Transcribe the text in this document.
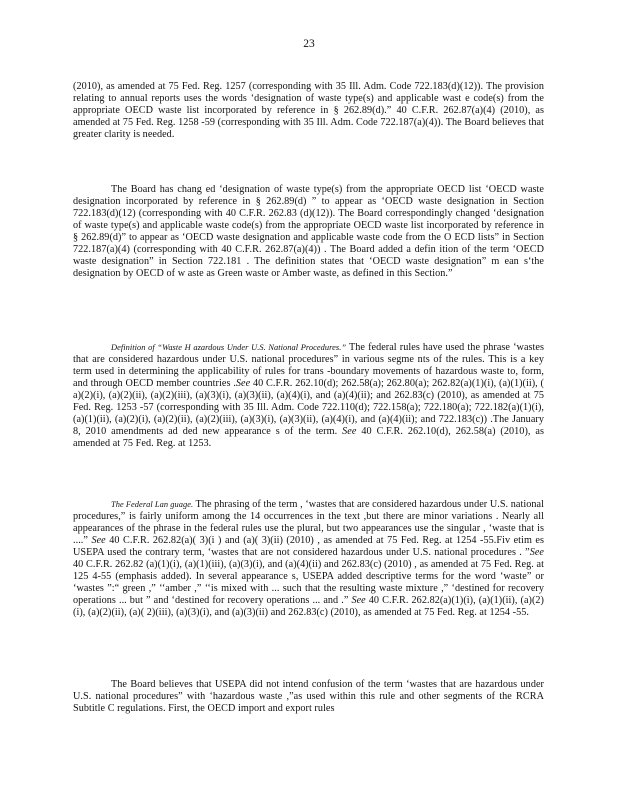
23

(2010), as amended at 75 Fed. Reg. 1257 (corresponding with 35 Ill. Adm. Code 722.183(d)(12)). The provision relating to annual reports uses the words ‘designation of waste type(s) and applicable wast e code(s) from the appropriate OECD waste list incorporated by reference in § 262.89(d).” 40 C.F.R. 262.87(a)(4) (2010), as amended at 75 Fed. Reg. 1258 -59 (corresponding with 35 Ill. Adm. Code 722.187(a)(4)). The Board believes that greater clarity is needed.

The Board has chang ed ‘designation of waste type(s) from the appropriate OECD list ‘OECD waste designation incorporated by reference in § 262.89(d) ” to appear as ‘OECD waste designation in Section 722.183(d)(12) (corresponding with 40 C.F.R. 262.83 (d)(12)). The Board correspondingly changed ‘designation of waste type(s) and applicable waste code(s) from the appropriate OECD waste list incorporated by reference in § 262.89(d)” to appear as ‘OECD waste designation and applicable waste code from the O ECD lists” in Section 722.187(a)(4) (corresponding with 40 C.F.R. 262.87(a)(4)) . The Board added a defin ition of the term ‘OECD waste designation” in Section 722.181 . The definition states that ‘OECD waste designation” m ean s‘the designation by OECD of w aste as Green waste or Amber waste, as defined in this Section.”

Definition of “Waste H azardous Under U.S. National Procedures.” The federal rules have used the phrase ‘wastes that are considered hazardous under U.S. national procedures” in various segme nts of the rules. This is a key term used in determining the applicability of rules for trans -boundary movements of hazardous waste to, form, and through OECD member countries .See 40 C.F.R. 262.10(d); 262.58(a); 262.80(a); 262.82(a)(1)(i), (a)(1)(ii), ( a)(2)(i), (a)(2)(ii), (a)(2)(iii), (a)(3)(i), (a)(3)(ii), (a)(4)(i), and (a)(4)(ii); and 262.83(c) (2010), as amended at 75 Fed. Reg. 1253 -57 (corresponding with 35 Ill. Adm. Code 722.110(d); 722.158(a); 722.180(a); 722.182(a)(1)(i), (a)(1)(ii), (a)(2)(i), (a)(2)(ii), (a)(2)(iii), (a)(3)(i), (a)(3)(ii), (a)(4)(i), and (a)(4)(ii); and 722.183(c)) .The January 8, 2010 amendments ad ded new appearance s of the term. See 40 C.F.R. 262.10(d), 262.58(a) (2010), as amended at 75 Fed. Reg. at 1253.

The Federal Lan guage. The phrasing of the term , ‘wastes that are considered hazardous under U.S. national procedures,” is fairly uniform among the 14 occurrences in the text ,but there are minor variations . Nearly all appearances of the phrase in the federal rules use the plural, but two appearances use the singular , ‘waste that is ....” See 40 C.F.R. 262.82(a)( 3)(i ) and (a)( 3)(ii) (2010) , as amended at 75 Fed. Reg. at 1254 -55.Fiv etim es USEPA used the contrary term, ‘wastes that are not considered hazardous under U.S. national procedures . ”See 40 C.F.R. 262.82 (a)(1)(i), (a)(1)(iii), (a)(3)(i), and (a)(4)(ii) and 262.83(c) (2010) , as amended at 75 Fed. Reg. at 125 4-55 (emphasis added). In several appearance s, USEPA added descriptive terms for the word ‘waste” or ‘wastes ”:“ green ,” ‘‘amber ,” ‘‘is mixed with ... such that the resulting waste mixture ,” ‘destined for recovery operations ... but ” and ‘destined for recovery operations ... and .” See 40 C.F.R. 262.82(a)(1)(i), (a)(1)(ii), (a)(2)(i), (a)(2)(ii), (a)( 2)(iii), (a)(3)(i), and (a)(3)(ii) and 262.83(c) (2010), as amended at 75 Fed. Reg. at 1254 -55.

The Board believes that USEPA did not intend confusion of the term ‘wastes that are hazardous under U.S. national procedures” with ‘hazardous waste ,”as used within this rule and other segments of the RCRA Subtitle C regulations. First, the OECD import and export rules
